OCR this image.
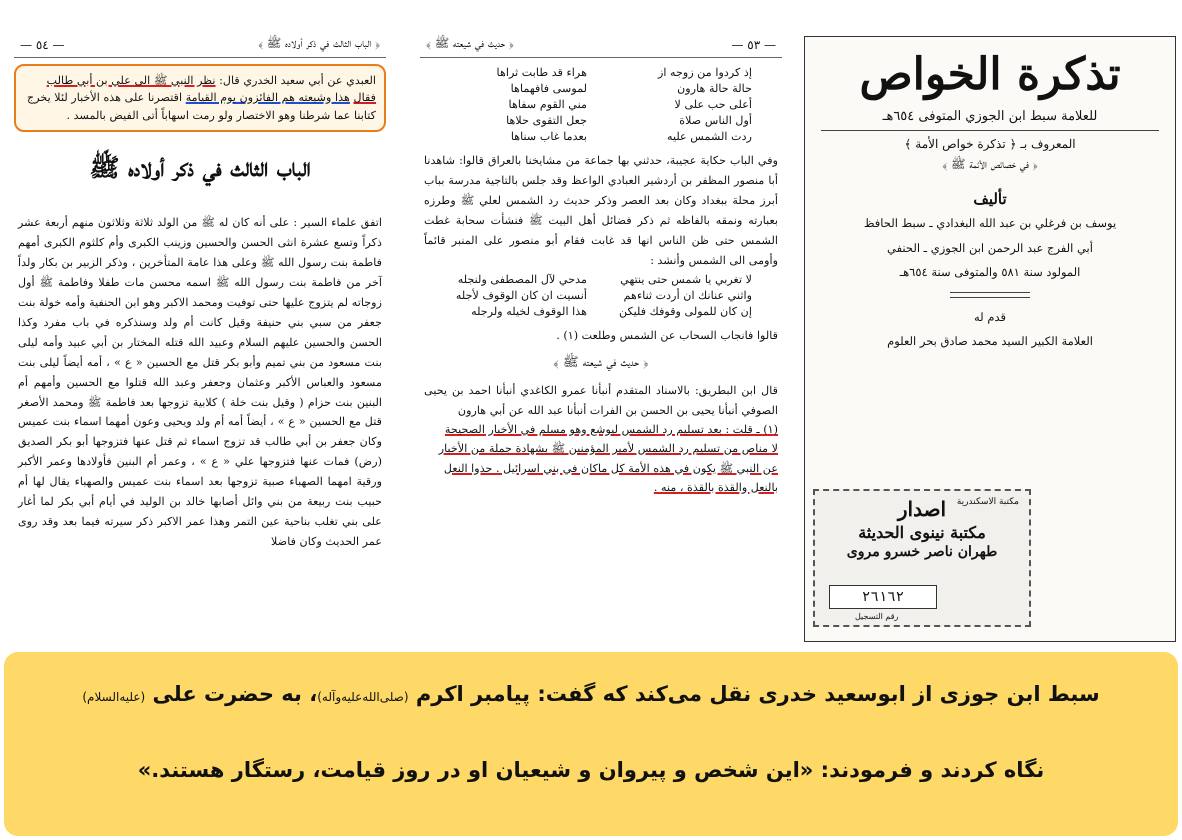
﴿ الباب الثالث في ذكر أولاده ﷺ ﴾
— ٥٤ —
العبدي عن أبي سعيد الخدري قال: نظر النبي ﷺ الى علي بن أبي طالب فقال هذا وشيعته هم الفائزون يوم القيامة اقتصرنا على هذه الأخبار لئلا يخرج كتابنا عما شرطنا وهو الاختصار ولو رمت اسهاباً أتى الفيض بالمسد .
الباب الثالث في ذكر أولاده ﷺ
اتفق علماء السير : على أنه كان له ﷺ من الولد ثلاثة وثلاثون منهم أربعة عشر ذكراً وتسع عشرة انثى الحسن والحسين وزينب الكبرى وأم كلثوم الكبرى أمهم فاطمة بنت رسول الله ﷺ وعلى هذا عامة المتأخرين ، وذكر الزبير بن بكار ولداً آخر من فاطمة بنت رسول الله ﷺ اسمه محسن مات طفلا وفاطمة ﷺ أول زوجاته لم يتزوج عليها حتى توفيت ومحمد الاكبر وهو ابن الحنفية وأمه خولة بنت جعفر من سبي بني حنيفة وقيل كانت أم ولد وسنذكره في باب مفرد وكذا الحسن والحسين عليهم السلام وعبيد الله قتله المختار بن أبي عبيد وأمه ليلى بنت مسعود من بني تميم وأبو بكر قتل مع الحسين « ع » ، أمه أيضاً ليلى بنت مسعود والعباس الأكبر وعثمان وجعفر وعبد الله قتلوا مع الحسين وأمهم أم البنين بنت حزام ( وقيل بنت خلة ) كلابية تزوجها بعد فاطمة ﷺ ومحمد الأصغر قتل مع الحسين « ع » ، أيضاً أمه أم ولد ويحيى وعون أمهما اسماء بنت عميس وكان جعفر بن أبي طالب قد تزوج اسماء ثم قتل عنها فتزوجها أبو بكر الصديق (رض) فمات عنها فتزوجها علي « ع » ، وعمر أم البنين فأولادها وعمر الأكبر ورقية امهما الصهباء صبية تزوجها بعد اسماء بنت عميس والصهباء يقال لها أم حبيب بنت ربيعة من بني وائل أصابها خالد بن الوليد في أيام أبي بكر لما أغار على بني تغلب بناحية عين التمر وهذا عمر الاكبر ذكر سيرته فيما بعد وقد روى عمر الحديث وكان فاضلا
— ٥٣ —
﴿ حديث في شيعته ﷺ ﴾
إذ كردوا من زوجه از
هراء قد طابت ثراها
حالة حالة هارون
لموسى فافهماها
أعلى حب على لا
مني القوم سفاها
أول الناس صلاة
جعل التقوى حلاها
ردت الشمس عليه
بعدما غاب سناها
وفي الباب حكاية عجيبة، حدثني بها جماعة من مشايخنا بالعراق قالوا: شاهدنا أبا منصور المظفر بن أردشير العبادي الواعظ وقد جلس بالتاجية مدرسة بباب أبرز محلة ببغداد وكان بعد العصر وذكر حديث رد الشمس لعلي ﷺ وطرزه بعبارته ونمقه بالفاظه ثم ذكر فضائل أهل البيت ﷺ فنشأت سحابة غطت الشمس حتى ظن الناس انها قد غابت فقام أبو منصور على المنبر قائماً وأومى الى الشمس وأنشد :
لا تغربي يا شمس حتى ينتهي
مدحي لآل المصطفى ولنجله
واثني عنانك ان أردت ثناءهم
أنسيت ان كان الوقوف لأجله
إن كان للمولى وقوفك فليكن
هذا الوقوف لخيله ولرجله
قالوا فانجاب السحاب عن الشمس وطلعت (١) .
﴿ حديث في شيعته ﷺ ﴾
قال ابن البطريق: بالاسناد المتقدم أنبأنا عمرو الكاغدي أنبأنا احمد بن يحيى الصوفي أنبأنا يحيى بن الحسن بن الفرات أنبأنا عبد الله عن أبي هارون
(١) ـ قلت : بعد تسليم رد الشمس ليوشع وهو مسلم في الأخبار الصحيحة
لا مناص من تسليم رد الشمس لأمير المؤمنين ﷺ بشهادة جملة من الأخبار
عن النبي ﷺ يكون في هذه الأمة كل ماكان في بني اسرائيل . حذوا النعل
بالنعل والقذة بالقذة ، منه .
تذكرة الخواص
للعلامة سبط ابن الجوزي المتوفى ٦٥٤هـ
المعروف بـ ﴿ تذكرة خواص الأمة ﴾
﴿ في خصائص الأئمة ﷺ ﴾
تأليف
يوسف بن فرغلي بن عبد الله البغدادي ـ سبط الحافظ
أبي الفرج عبد الرحمن ابن الجوزي ـ الحنفي
المولود سنة ٥٨١ والمتوفى سنة ٦٥٤هـ
قدم له
العلامة الكبير السيد محمد صادق بحر العلوم
مكتبة الاسكندرية
اصدار
مكتبة نينوى الحديثة
طهران ناصر خسرو مروى
٢٦١٦٢
رقم التسجيل
سبط ابن جوزی از ابوسعید خدری نقل می‌کند که گفت: پیامبر اکرم (صلی‌الله‌علیه‌وآله)، به حضرت علی (علیه‌السلام)
نگاه کردند و فرمودند: «این شخص و پیروان و شیعیان او در روز قیامت، رستگار هستند.»
